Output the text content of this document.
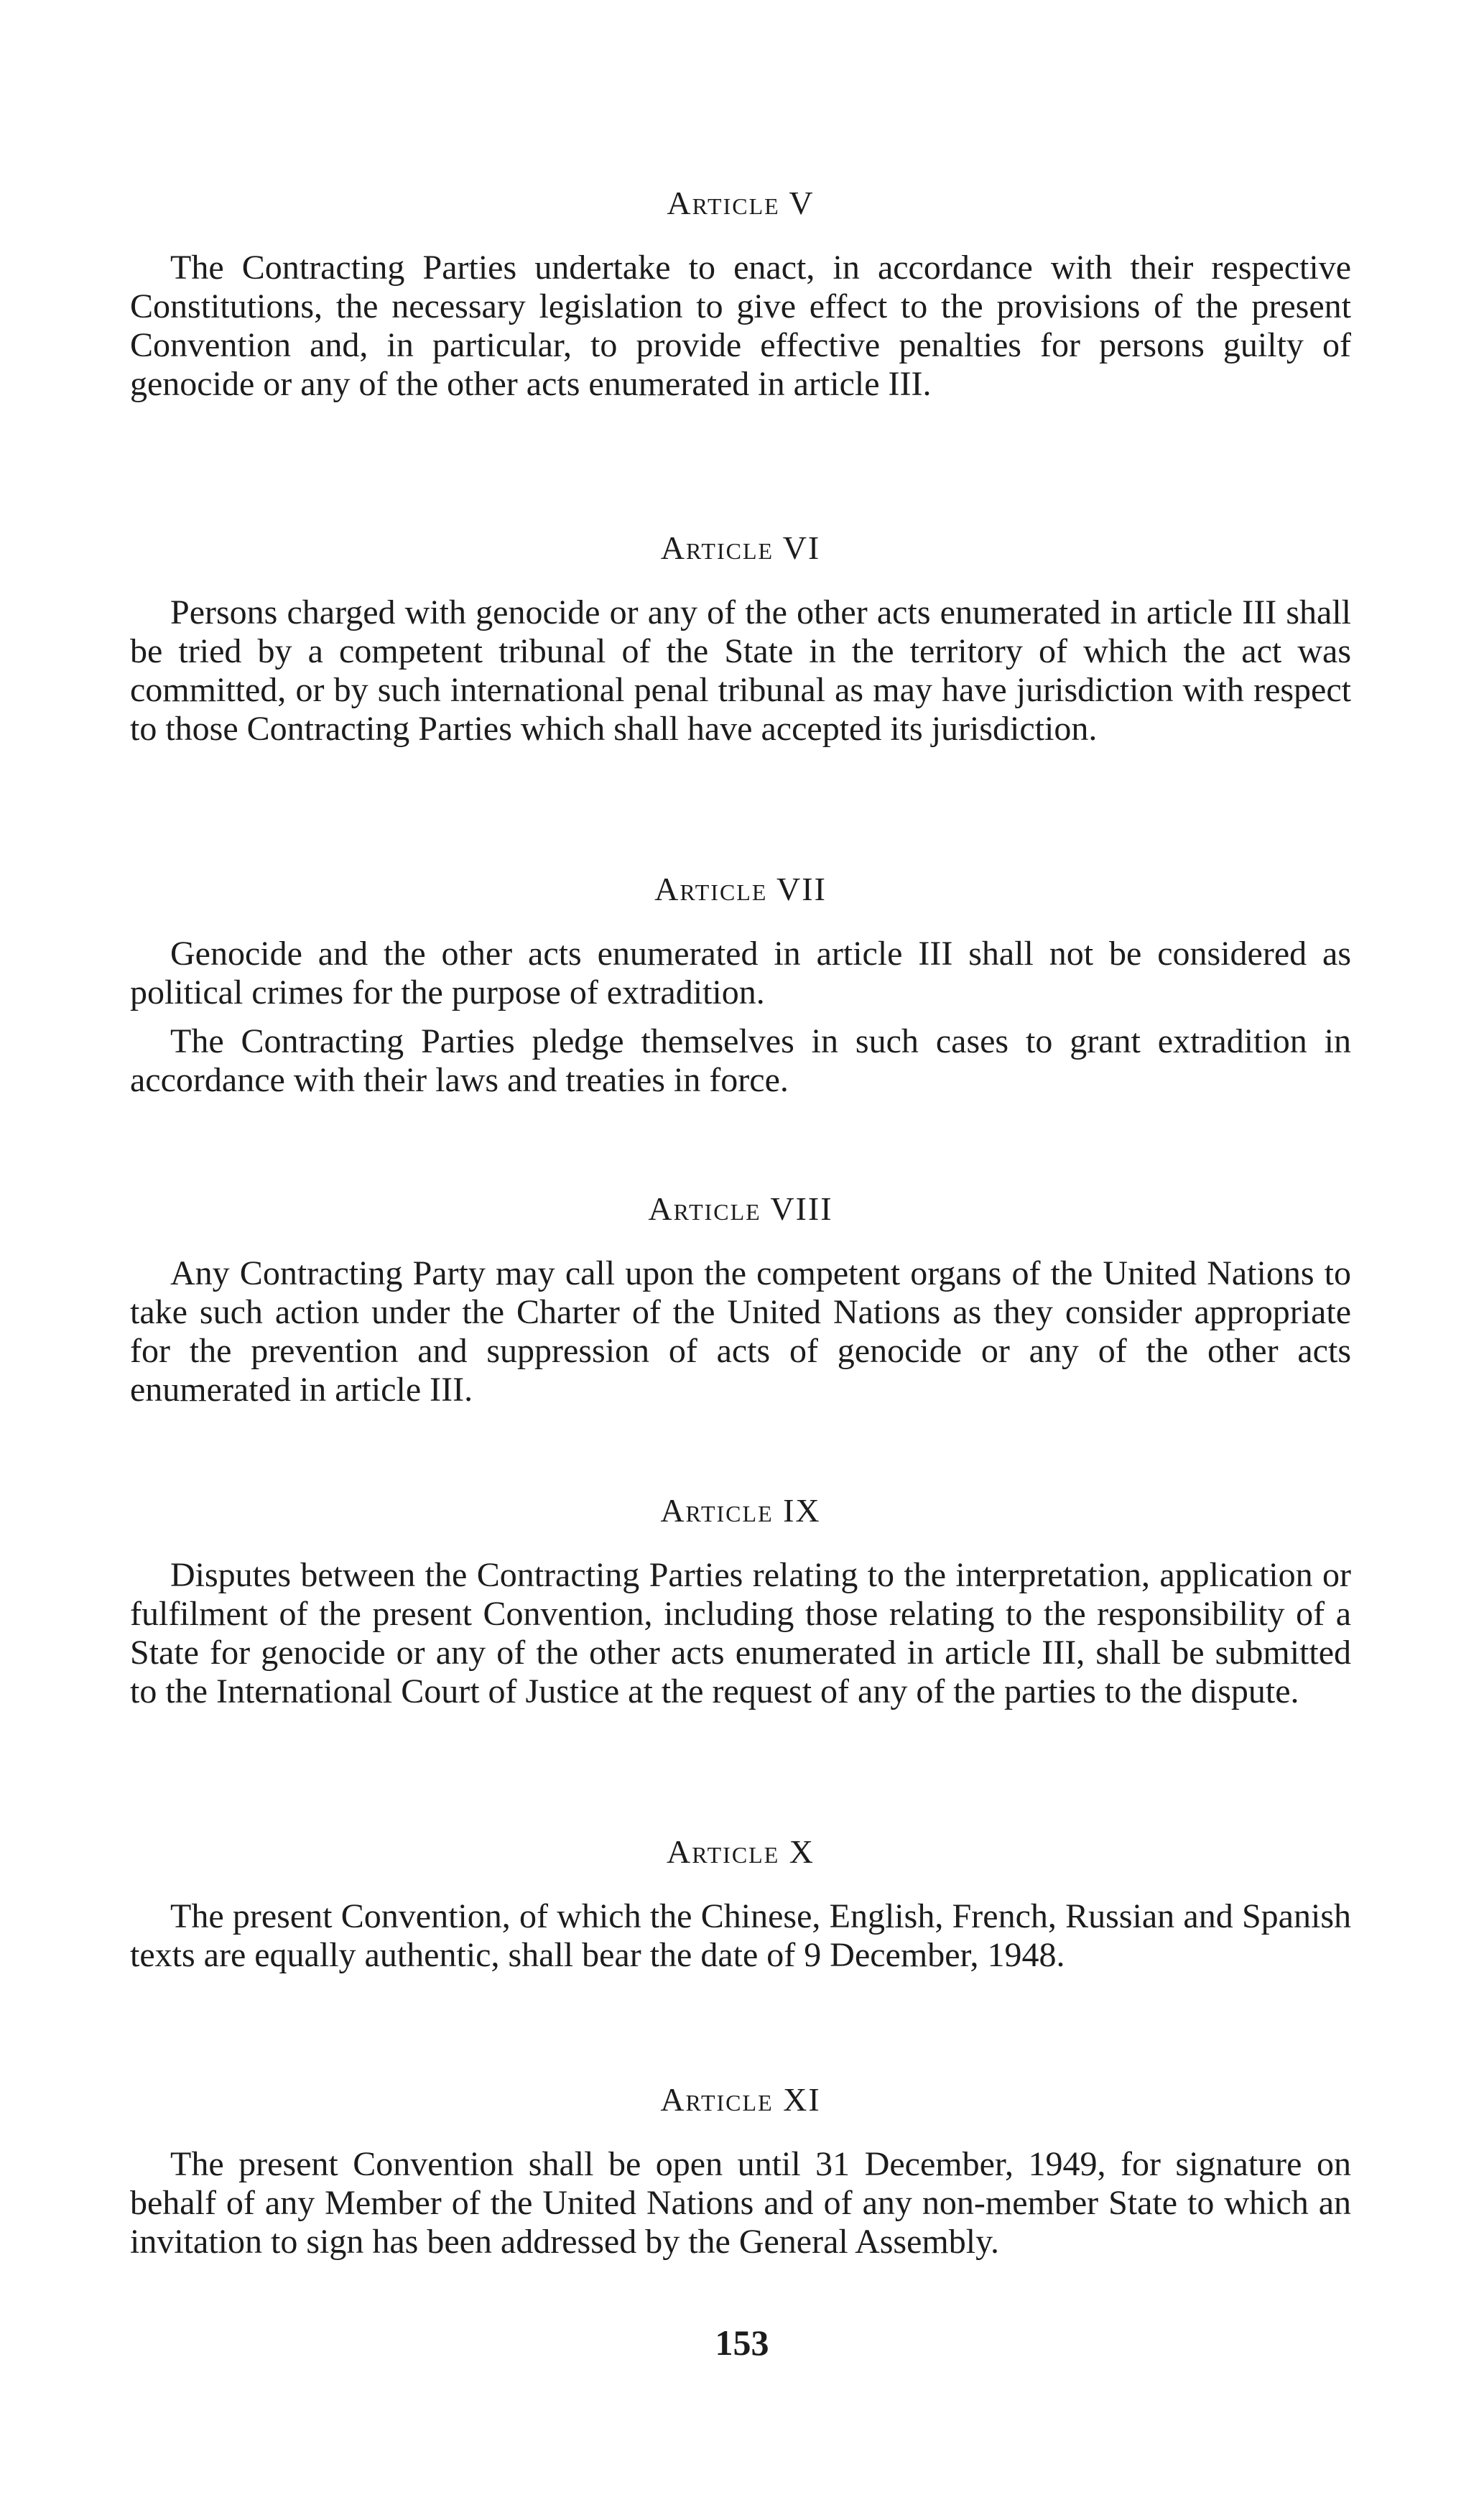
Article V

The Contracting Parties undertake to enact, in accordance with their respective Constitutions, the necessary legislation to give effect to the provisions of the present Convention and, in particular, to provide effective penalties for persons guilty of genocide or any of the other acts enumerated in article III.

Article VI

Persons charged with genocide or any of the other acts enumerated in article III shall be tried by a competent tribunal of the State in the territory of which the act was committed, or by such international penal tribunal as may have jurisdiction with respect to those Contracting Parties which shall have accepted its jurisdiction.

Article VII

Genocide and the other acts enumerated in article III shall not be considered as political crimes for the purpose of extradition.

The Contracting Parties pledge themselves in such cases to grant extradition in accordance with their laws and treaties in force.

Article VIII

Any Contracting Party may call upon the competent organs of the United Nations to take such action under the Charter of the United Nations as they consider appropriate for the prevention and suppression of acts of genocide or any of the other acts enumerated in article III.

Article IX

Disputes between the Contracting Parties relating to the interpretation, application or fulfilment of the present Convention, including those relating to the responsibility of a State for genocide or any of the other acts enumerated in article III, shall be submitted to the International Court of Justice at the request of any of the parties to the dispute.

Article X

The present Convention, of which the Chinese, English, French, Russian and Spanish texts are equally authentic, shall bear the date of 9 December, 1948.

Article XI

The present Convention shall be open until 31 December, 1949, for signature on behalf of any Member of the United Nations and of any non-member State to which an invitation to sign has been addressed by the General Assembly.

153
